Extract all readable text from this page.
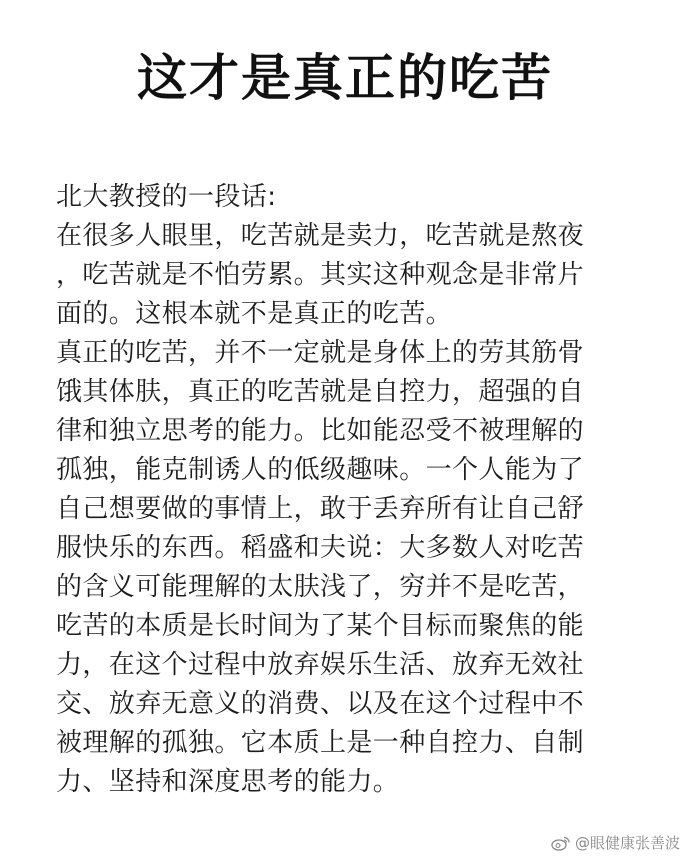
这才是真正的吃苦
北大教授的一段话:
在很多人眼里，吃苦就是卖力，吃苦就是熬夜
，吃苦就是不怕劳累。其实这种观念是非常片
面的。这根本就不是真正的吃苦。
真正的吃苦，并不一定就是身体上的劳其筋骨
饿其体肤，真正的吃苦就是自控力，超强的自
律和独立思考的能力。比如能忍受不被理解的
孤独，能克制诱人的低级趣味。一个人能为了
自己想要做的事情上，敢于丢弃所有让自己舒
服快乐的东西。稻盛和夫说：大多数人对吃苦
的含义可能理解的太肤浅了，穷并不是吃苦，
吃苦的本质是长时间为了某个目标而聚焦的能
力，在这个过程中放弃娱乐生活、放弃无效社
交、放弃无意义的消费、以及在这个过程中不
被理解的孤独。它本质上是一种自控力、自制
力、坚持和深度思考的能力。
@眼健康张善波
